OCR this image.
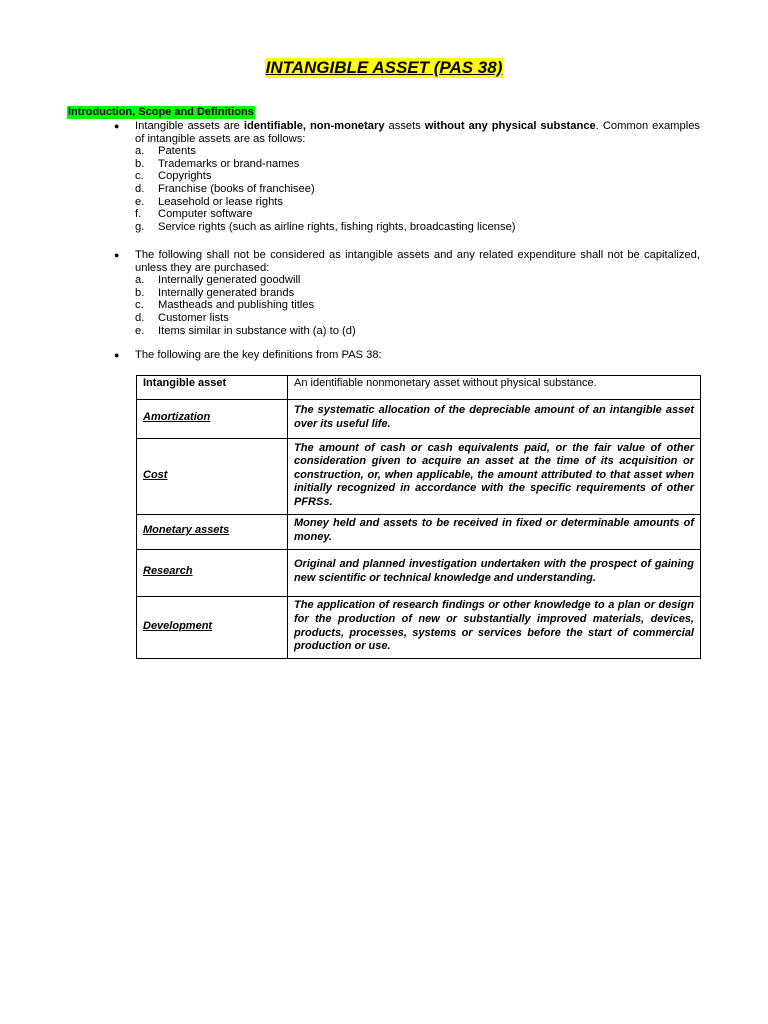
INTANGIBLE ASSET (PAS 38)
Introduction, Scope and Definitions
● Intangible assets are identifiable, non-monetary assets without any physical substance. Common examples of intangible assets are as follows:
a.	Patents
b.	Trademarks or brand-names
c.	Copyrights
d.	Franchise (books of franchisee)
e.	Leasehold or lease rights
f.	Computer software
g.	Service rights (such as airline rights, fishing rights, broadcasting license)
● The following shall not be considered as intangible assets and any related expenditure shall not be capitalized, unless they are purchased:
a.	Internally generated goodwill
b.	Internally generated brands
c.	Mastheads and publishing titles
d.	Customer lists
e.	Items similar in substance with (a) to (d)
● The following are the key definitions from PAS 38:
Intangible asset	An identifiable nonmonetary asset without physical substance.
Amortization	The systematic allocation of the depreciable amount of an intangible asset over its useful life.
Cost	The amount of cash or cash equivalents paid, or the fair value of other consideration given to acquire an asset at the time of its acquisition or construction, or, when applicable, the amount attributed to that asset when initially recognized in accordance with the specific requirements of other PFRSs.
Monetary assets	Money held and assets to be received in fixed or determinable amounts of money.
Research	Original and planned investigation undertaken with the prospect of gaining new scientific or technical knowledge and understanding.
Development	The application of research findings or other knowledge to a plan or design for the production of new or substantially improved materials, devices, products, processes, systems or services before the start of commercial production or use.
